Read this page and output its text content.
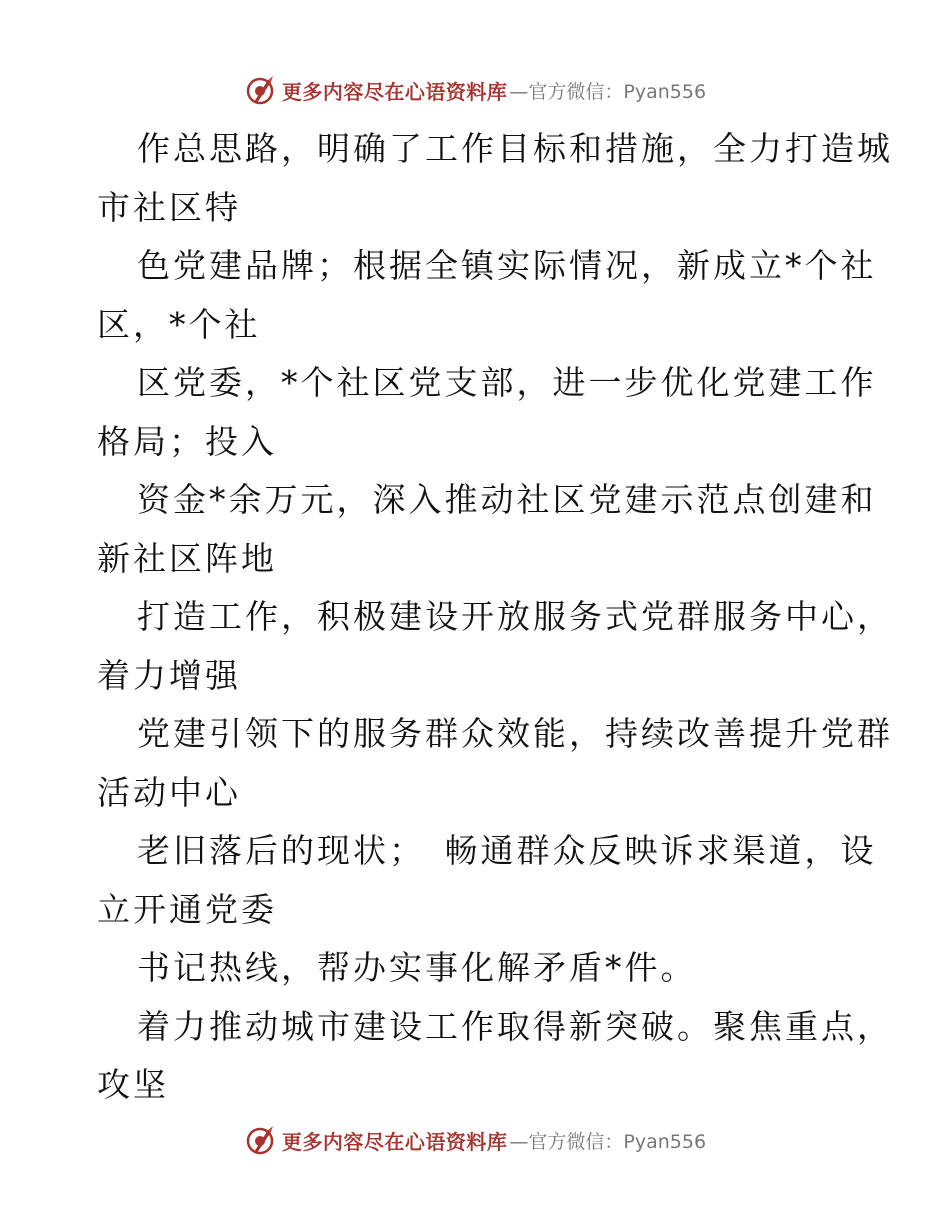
更多内容尽在心语资料库 —官方微信：Pyan556
作总思路，明确了工作目标和措施，全力打造城
市社区特
色党建品牌；根据全镇实际情况，新成立*个社
区，*个社
区党委，*个社区党支部，进一步优化党建工作
格局；投入
资金*余万元，深入推动社区党建示范点创建和
新社区阵地
打造工作，积极建设开放服务式党群服务中心，
着力增强
党建引领下的服务群众效能，持续改善提升党群
活动中心
老旧落后的现状；　畅通群众反映诉求渠道，设
立开通党委
书记热线，帮办实事化解矛盾*件。
着力推动城市建设工作取得新突破。聚焦重点，
攻坚
更多内容尽在心语资料库 —官方微信：Pyan556
